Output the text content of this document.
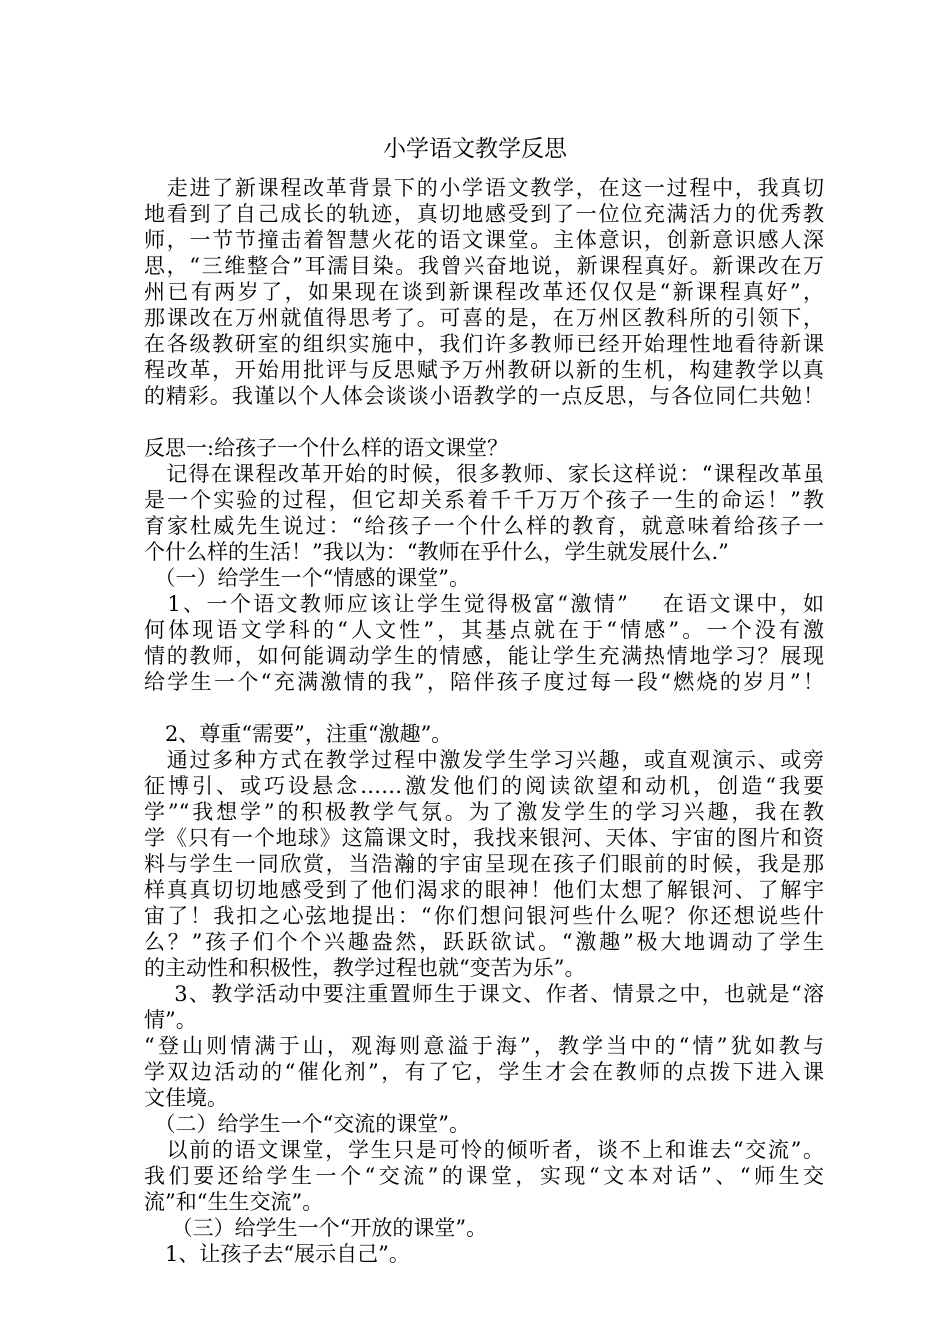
小学语文教学反思
　走进了新课程改革背景下的小学语文教学，在这一过程中，我真切
地看到了自己成长的轨迹，真切地感受到了一位位充满活力的优秀教
师，一节节撞击着智慧火花的语文课堂。主体意识，创新意识感人深
思，“三维整合”耳濡目染。我曾兴奋地说，新课程真好。新课改在万
州已有两岁了，如果现在谈到新课程改革还仅仅是“新课程真好”，
那课改在万州就值得思考了。可喜的是，在万州区教科所的引领下，
在各级教研室的组织实施中，我们许多教师已经开始理性地看待新课
程改革，开始用批评与反思赋予万州教研以新的生机，构建教学以真
的精彩。我谨以个人体会谈谈小语教学的一点反思，与各位同仁共勉！
反思一:给孩子一个什么样的语文课堂？
　记得在课程改革开始的时候，很多教师、家长这样说：“课程改革虽
是一个实验的过程，但它却关系着千千万万个孩子一生的命运！”教
育家杜威先生说过：“给孩子一个什么样的教育，就意味着给孩子一
个什么样的生活！”我以为：“教师在乎什么，学生就发展什么.”
　（一）给学生一个“情感的课堂”。
　1、一个语文教师应该让学生觉得极富“激情”　 在语文课中，如
何体现语文学科的“人文性”，其基点就在于“情感”。一个没有激
情的教师，如何能调动学生的情感，能让学生充满热情地学习？展现
给学生一个“充满激情的我”，陪伴孩子度过每一段“燃烧的岁月”！
　2、尊重“需要”，注重“激趣”。
　通过多种方式在教学过程中激发学生学习兴趣，或直观演示、或旁
征博引、或巧设悬念……激发他们的阅读欲望和动机，创造“我要
学”“我想学”的积极教学气氛。为了激发学生的学习兴趣，我在教
学《只有一个地球》这篇课文时，我找来银河、天体、宇宙的图片和资
料与学生一同欣赏，当浩瀚的宇宙呈现在孩子们眼前的时候，我是那
样真真切切地感受到了他们渴求的眼神！他们太想了解银河、了解宇
宙了！我扣之心弦地提出：“你们想问银河些什么呢？你还想说些什
么？”孩子们个个兴趣盎然，跃跃欲试。“激趣”极大地调动了学生
的主动性和积极性，教学过程也就“变苦为乐”。
　 3、教学活动中要注重置师生于课文、作者、情景之中，也就是“溶
情”。
“登山则情满于山，观海则意溢于海”，教学当中的“情”犹如教与
学双边活动的“催化剂”，有了它，学生才会在教师的点拨下进入课
文佳境。
　（二）给学生一个“交流的课堂”。
　以前的语文课堂，学生只是可怜的倾听者，谈不上和谁去“交流”。
我们要还给学生一个“交流”的课堂，实现“文本对话”、“师生交
流”和“生生交流”。
　 （三）给学生一个“开放的课堂”。
　1、让孩子去“展示自己”。
